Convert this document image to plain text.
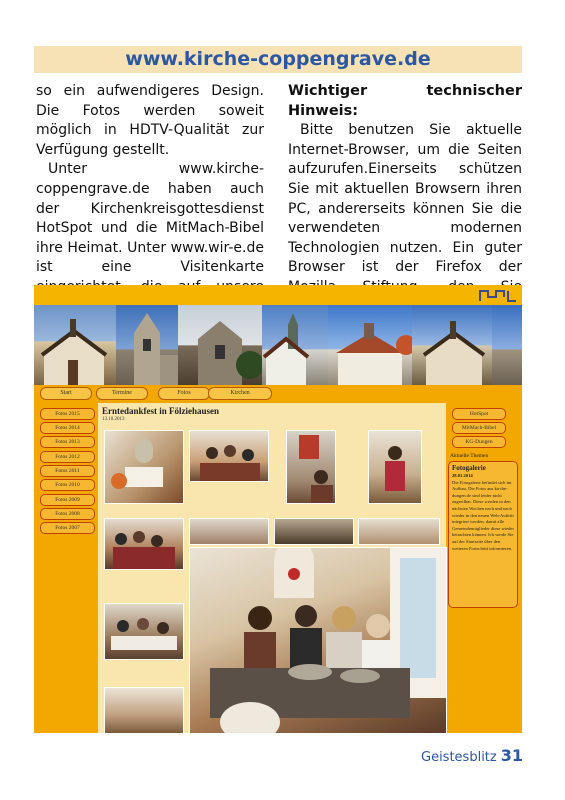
www.kirche-coppengrave.de

so ein aufwendigeres Design. Die Fotos werden soweit möglich in HDTV-Qualität zur Verfügung gestellt.

Unter www.kirche-coppengrave.de haben auch der Kirchenkreisgottesdienst HotSpot und die MitMach-Bibel ihre Heimat. Unter www.wir-e.de ist eine Visitenkarte

Wichtiger technischer Hinweis:

Bitte benutzen Sie aktuelle Internet-Browser, um die Seiten aufzurufen.Einerseits schützen Sie mit aktuellen Browsern ihren PC, andererseits können Sie die verwendeten modernen Technologien nutzen. Ein guter Browser ist der Firefox der

Start	Termine	Fotos	Kirchen
Fotos 2015
Fotos 2014
Fotos 2013
Fotos 2012
Fotos 2011
Fotos 2010
Fotos 2009
Fotos 2008
Fotos 2007
Erntedankfest in Fölziehausen
13.10.2013
HotSpot
MitMach-Bibel
KG-Dungen
Aktuelle Themen
Fotogalerie
28.01.2014
Die Fotogalerie befindet sich im Aufbau. Die Fotos aus kirche-dungen.de sind leider nicht zugreifbar. Diese werden in den nächsten Wochen nach und nach wieder in den neuen Web-Auftritt integriert werden, damit alle Gemeindemitglieder diese wieder betrachten können. Ich werde Sie auf der Startseite über den weiteren Fortschritt informieren.
Geistesblitz 31
